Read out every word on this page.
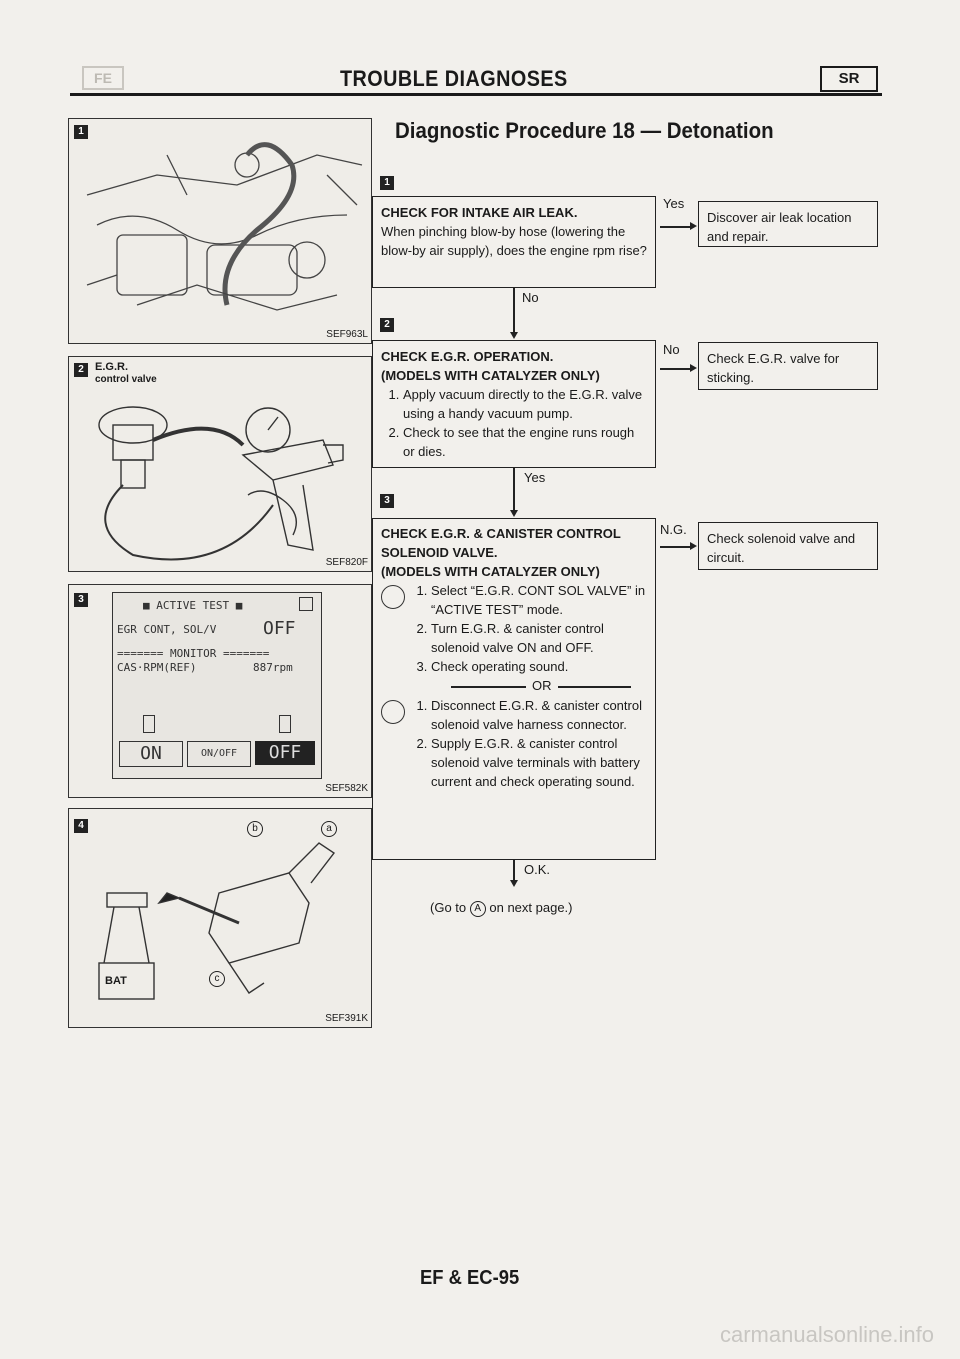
FE	TROUBLE DIAGNOSES	SR
Diagnostic Procedure 18 — Detonation
1
SEF963L
2	E.G.R.
control valve
SEF820F
3
SEF582K
■ ACTIVE TEST ■
EGR CONT, SOL/V	OFF
======= MONITOR =======
CAS·RPM(REF)	887rpm
ON	ON/OFF	OFF
4	b	a
c
BAT
SEF391K
1
CHECK FOR INTAKE AIR LEAK.
When pinching blow-by hose (lowering the blow-by air supply), does the engine rpm rise?
Yes
Discover air leak location and repair.
No
2
CHECK E.G.R. OPERATION.
(MODELS WITH CATALYZER ONLY)
1. Apply vacuum directly to the E.G.R. valve using a handy vacuum pump.
2. Check to see that the engine runs rough or dies.
No
Check E.G.R. valve for sticking.
Yes
3
CHECK E.G.R. & CANISTER CONTROL SOLENOID VALVE.
(MODELS WITH CATALYZER ONLY)
1. Select “E.G.R. CONT SOL VALVE” in “ACTIVE TEST” mode.
2. Turn E.G.R. & canister control solenoid valve ON and OFF.
3. Check operating sound.
OR
1. Disconnect E.G.R. & canister control solenoid valve harness connector.
2. Supply E.G.R. & canister control solenoid valve terminals with battery current and check operating sound.
N.G.
Check solenoid valve and circuit.
O.K.
(Go to A on next page.)
EF & EC-95
carmanualsonline.info
